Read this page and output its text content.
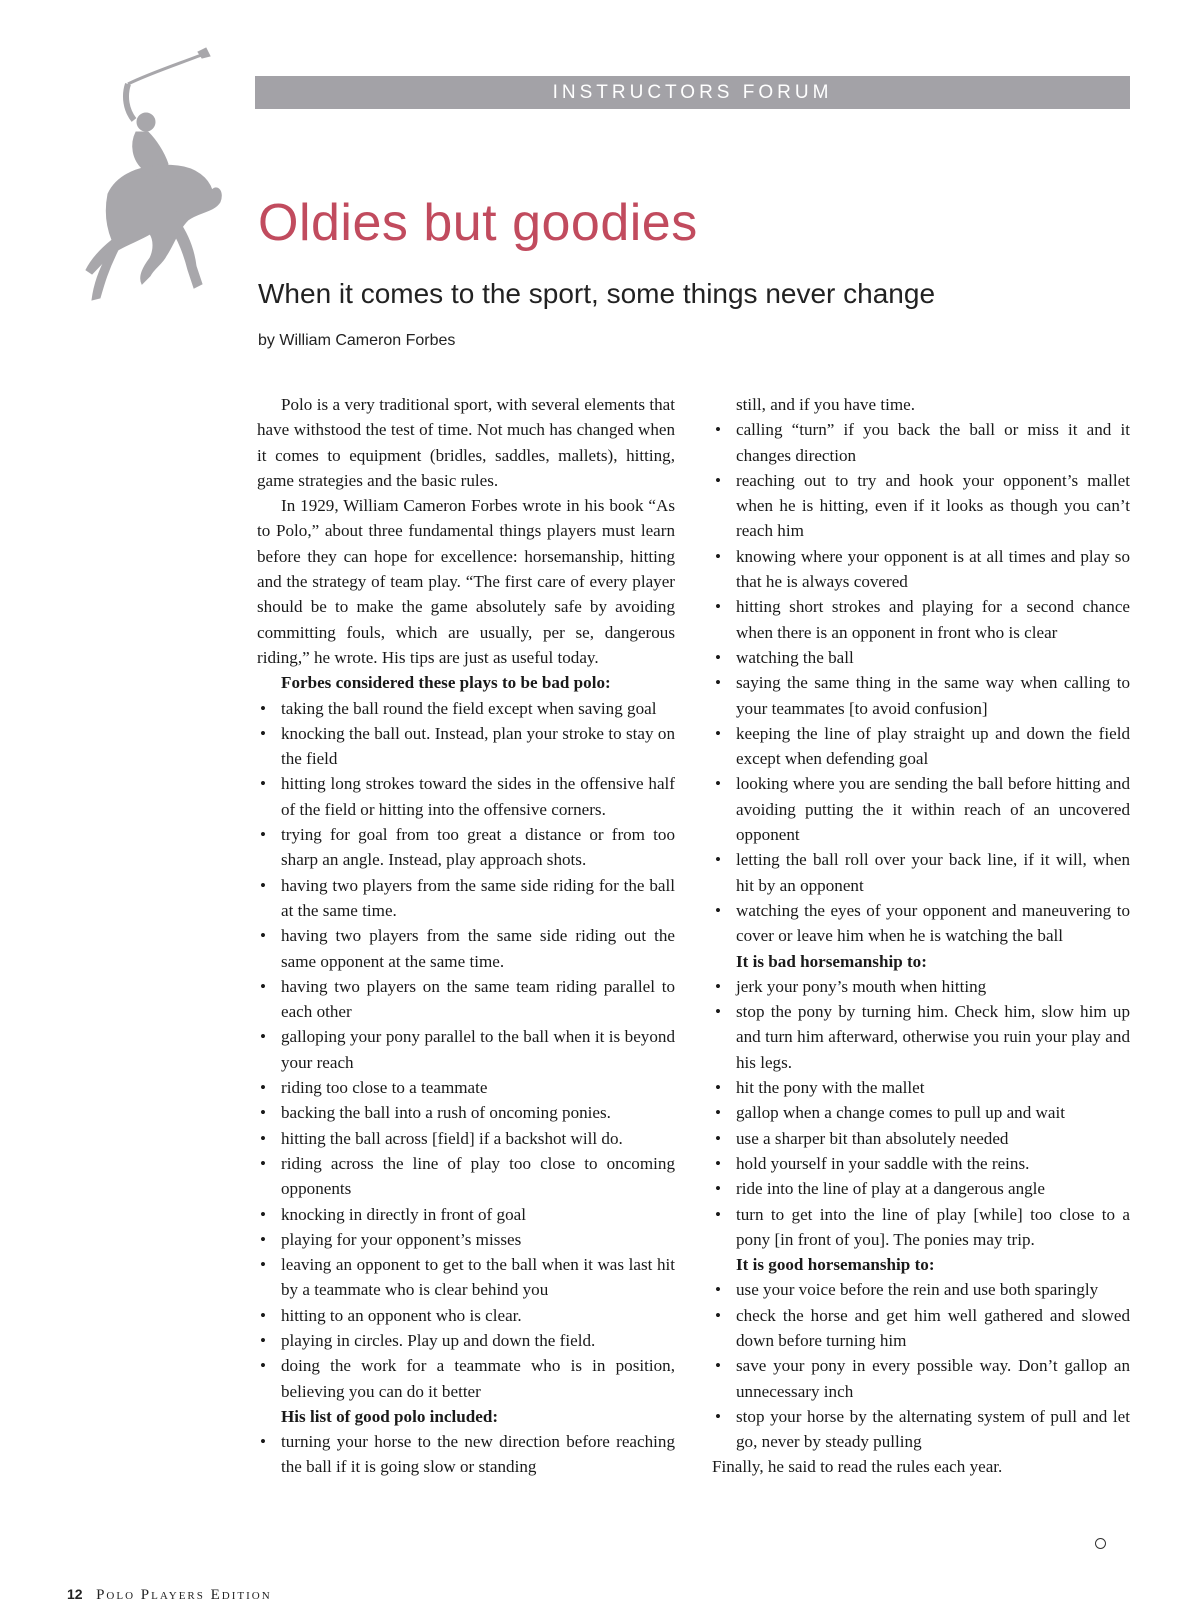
INSTRUCTORS FORUM
Oldies but goodies
When it comes to the sport, some things never change
by William Cameron Forbes

Polo is a very traditional sport, with several elements that have withstood the test of time. Not much has changed when it comes to equipment (bridles, saddles, mallets), hitting, game strategies and the basic rules.

In 1929, William Cameron Forbes wrote in his book “As to Polo,” about three fundamental things players must learn before they can hope for excellence: horsemanship, hitting and the strategy of team play. “The first care of every player should be to make the game absolutely safe by avoiding committing fouls, which are usually, per se, dangerous riding,” he wrote. His tips are just as useful today.

Forbes considered these plays to be bad polo:

• taking the ball round the field except when saving goal
• knocking the ball out. Instead, plan your stroke to stay on the field
• hitting long strokes toward the sides in the offensive half of the field or hitting into the offensive corners.
• trying for goal from too great a distance or from too sharp an angle. Instead, play approach shots.
• having two players from the same side riding for the ball at the same time.
• having two players from the same side riding out the same opponent at the same time.
• having two players on the same team riding parallel to each other
• galloping your pony parallel to the ball when it is beyond your reach
• riding too close to a teammate
• backing the ball into a rush of oncoming ponies.
• hitting the ball across [field] if a backshot will do.
• riding across the line of play too close to oncoming opponents
• knocking in directly in front of goal
• playing for your opponent’s misses
• leaving an opponent to get to the ball when it was last hit by a teammate who is clear behind you
• hitting to an opponent who is clear.
• playing in circles. Play up and down the field.
• doing the work for a teammate who is in position, believing you can do it better

His list of good polo included:

• turning your horse to the new direction before reaching the ball if it is going slow or standing
still, and if you have time.
• calling “turn” if you back the ball or miss it and it changes direction
• reaching out to try and hook your opponent’s mallet when he is hitting, even if it looks as though you can’t reach him
• knowing where your opponent is at all times and play so that he is always covered
• hitting short strokes and playing for a second chance when there is an opponent in front who is clear
• watching the ball
• saying the same thing in the same way when calling to your teammates [to avoid confusion]
• keeping the line of play straight up and down the field except when defending goal
• looking where you are sending the ball before hitting and avoiding putting the it within reach of an uncovered opponent
• letting the ball roll over your back line, if it will, when hit by an opponent
• watching the eyes of your opponent and maneuvering to cover or leave him when he is watching the ball

It is bad horsemanship to:

• jerk your pony’s mouth when hitting
• stop the pony by turning him. Check him, slow him up and turn him afterward, otherwise you ruin your play and his legs.
• hit the pony with the mallet
• gallop when a change comes to pull up and wait
• use a sharper bit than absolutely needed
• hold yourself in your saddle with the reins.
• ride into the line of play at a dangerous angle
• turn to get into the line of play [while] too close to a pony [in front of you]. The ponies may trip.

It is good horsemanship to:

• use your voice before the rein and use both sparingly
• check the horse and get him well gathered and slowed down before turning him
• save your pony in every possible way. Don’t gallop an unnecessary inch
• stop your horse by the alternating system of pull and let go, never by steady pulling

Finally, he said to read the rules each year.

12 Polo Players Edition
